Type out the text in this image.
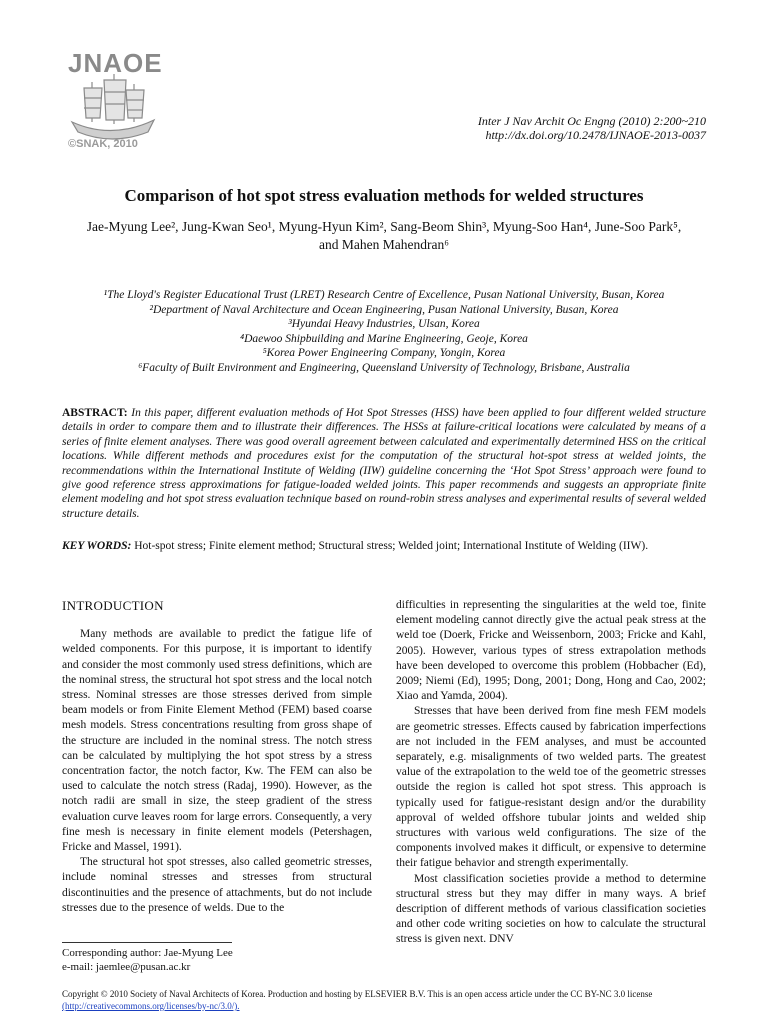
JNAOE
©SNAK, 2010
Inter J Nav Archit Oc Engng (2010) 2:200~210
http://dx.doi.org/10.2478/IJNAOE-2013-0037
Comparison of hot spot stress evaluation methods for welded structures
Jae-Myung Lee², Jung-Kwan Seo¹, Myung-Hyun Kim², Sang-Beom Shin³, Myung-Soo Han⁴, June-Soo Park⁵,
and Mahen Mahendran⁶
¹The Lloyd's Register Educational Trust (LRET) Research Centre of Excellence, Pusan National University, Busan, Korea
²Department of Naval Architecture and Ocean Engineering, Pusan National University, Busan, Korea
³Hyundai Heavy Industries, Ulsan, Korea
⁴Daewoo Shipbuilding and Marine Engineering, Geoje, Korea
⁵Korea Power Engineering Company, Yongin, Korea
⁶Faculty of Built Environment and Engineering, Queensland University of Technology, Brisbane, Australia
ABSTRACT: In this paper, different evaluation methods of Hot Spot Stresses (HSS) have been applied to four different welded structure details in order to compare them and to illustrate their differences. The HSSs at failure-critical locations were calculated by means of a series of finite element analyses. There was good overall agreement between calculated and experimentally determined HSS on the critical locations. While different methods and procedures exist for the computation of the structural hot-spot stress at welded joints, the recommendations within the International Institute of Welding (IIW) guideline concerning the ‘Hot Spot Stress’ approach were found to give good reference stress approximations for fatigue-loaded welded joints. This paper recommends and suggests an appropriate finite element modeling and hot spot stress evaluation technique based on round-robin stress analyses and experimental results of several welded structure details.
KEY WORDS: Hot-spot stress; Finite element method; Structural stress; Welded joint; International Institute of Welding (IIW).
INTRODUCTION

Many methods are available to predict the fatigue life of welded components. For this purpose, it is important to identify and consider the most commonly used stress definitions, which are the nominal stress, the structural hot spot stress and the local notch stress. Nominal stresses are those stresses derived from simple beam models or from Finite Element Method (FEM) based coarse mesh models. Stress concentrations resulting from gross shape of the structure are included in the nominal stress. The notch stress can be calculated by multiplying the hot spot stress by a stress concentration factor, the notch factor, Kw. The FEM can also be used to calculate the notch stress (Radaj, 1990). However, as the notch radii are small in size, the steep gradient of the stress evaluation curve leaves room for large errors. Consequently, a very fine mesh is necessary in finite element models (Petershagen, Fricke and Massel, 1991).

The structural hot spot stresses, also called geometric stresses, include nominal stresses and stresses from structural discontinuities and the presence of attachments, but do not include stresses due to the presence of welds. Due to the

difficulties in representing the singularities at the weld toe, finite element modeling cannot directly give the actual peak stress at the weld toe (Doerk, Fricke and Weissenborn, 2003; Fricke and Kahl, 2005). However, various types of stress extrapolation methods have been developed to overcome this problem (Hobbacher (Ed), 2009; Niemi (Ed), 1995; Dong, 2001; Dong, Hong and Cao, 2002; Xiao and Yamda, 2004).

Stresses that have been derived from fine mesh FEM models are geometric stresses. Effects caused by fabrication imperfections are not included in the FEM analyses, and must be accounted separately, e.g. misalignments of two welded parts. The greatest value of the extrapolation to the weld toe of the geometric stresses outside the region is called hot spot stress. This approach is typically used for fatigue-resistant design and/or the durability approval of welded offshore tubular joints and welded ship structures with various weld configurations. The size of the components involved makes it difficult, or expensive to determine their fatigue behavior and strength experimentally.

Most classification societies provide a method to determine structural stress but they may differ in many ways. A brief description of different methods of various classification societies and other code writing societies on how to calculate the structural stress is given next. DNV

Corresponding author: Jae-Myung Lee
e-mail: jaemlee@pusan.ac.kr
Copyright © 2010 Society of Naval Architects of Korea. Production and hosting by ELSEVIER B.V. This is an open access article under the CC BY-NC 3.0 license
(http://creativecommons.org/licenses/by-nc/3.0/).
